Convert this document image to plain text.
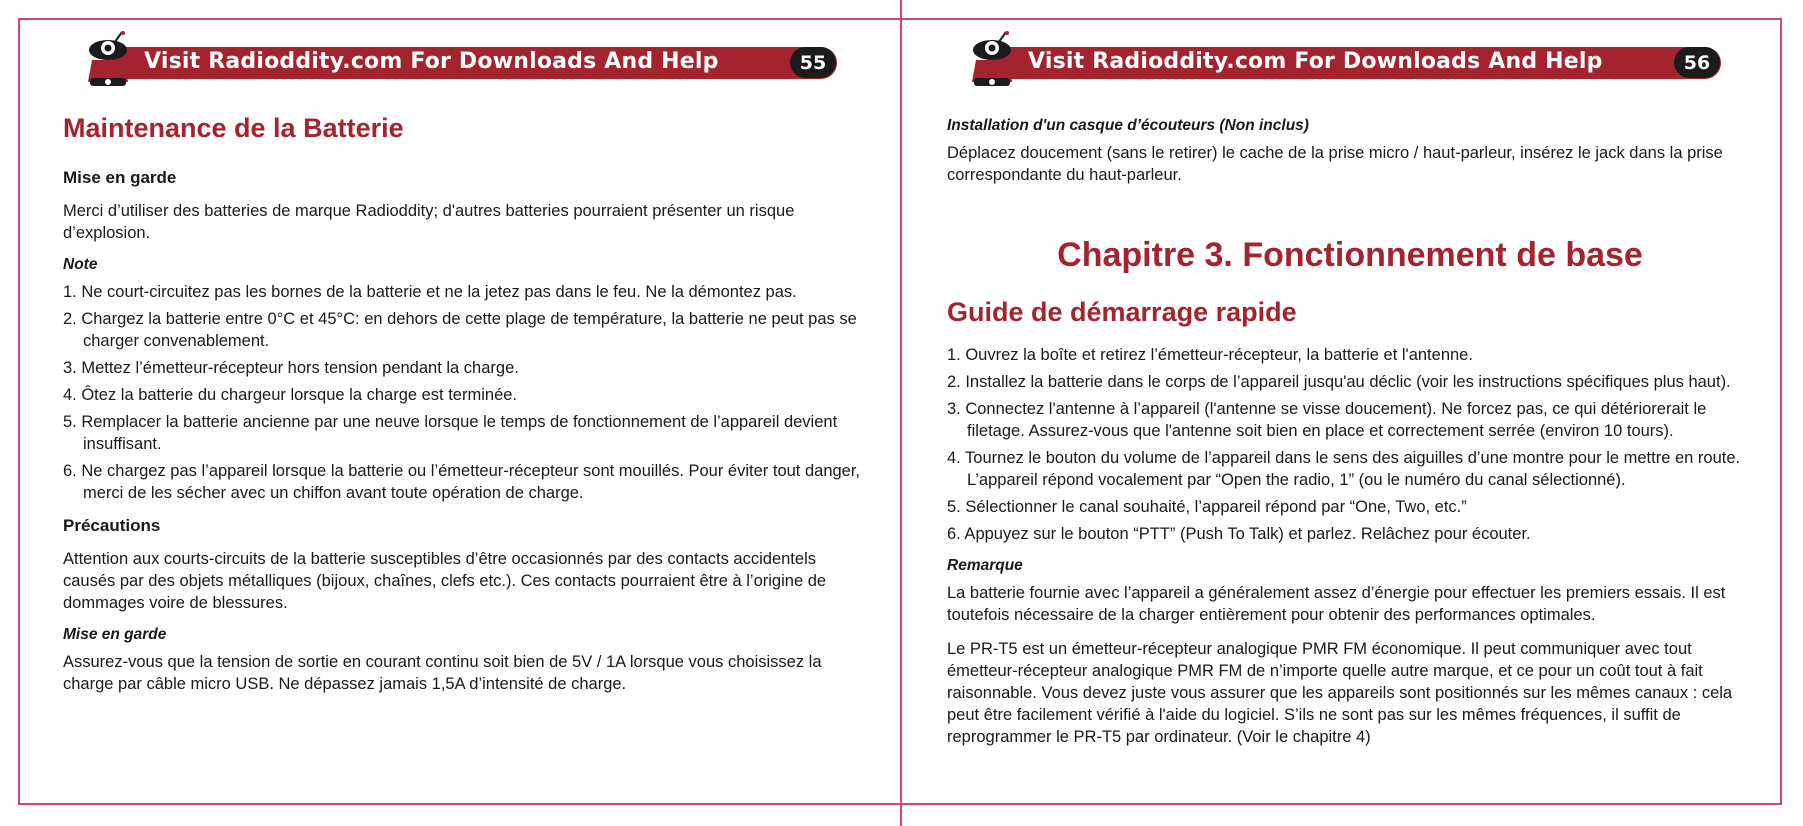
Visit Radioddity.com For Downloads And Help	55
Maintenance de la Batterie
Mise en garde

Merci d’utiliser des batteries de marque Radioddity; d'autres batteries pourraient présenter un risque d’explosion.

Note
1. Ne court-circuitez pas les bornes de la batterie et ne la jetez pas dans le feu. Ne la démontez pas.
2. Chargez la batterie entre 0°C et 45°C: en dehors de cette plage de température, la batterie ne peut pas se charger convenablement.
3. Mettez l’émetteur-récepteur hors tension pendant la charge.
4. Ôtez la batterie du chargeur lorsque la charge est terminée.
5. Remplacer la batterie ancienne par une neuve lorsque le temps de fonctionnement de l’appareil devient insuffisant.
6. Ne chargez pas l’appareil lorsque la batterie ou l’émetteur-récepteur sont mouillés. Pour éviter tout danger, merci de les sécher avec un chiffon avant toute opération de charge.
Précautions

Attention aux courts-circuits de la batterie susceptibles d’être occasionnés par des contacts accidentels causés par des objets métalliques (bijoux, chaînes, clefs etc.). Ces contacts pourraient être à l’origine de dommages voire de blessures.

Mise en garde

Assurez-vous que la tension de sortie en courant continu soit bien de 5V / 1A lorsque vous choisissez la charge par câble micro USB. Ne dépassez jamais 1,5A d’intensité de charge.

Visit Radioddity.com For Downloads And Help	56
Installation d'un casque d’écouteurs (Non inclus)

Déplacez doucement (sans le retirer) le cache de la prise micro / haut-parleur, insérez le jack dans la prise correspondante du haut-parleur.

Chapitre 3. Fonctionnement de base
Guide de démarrage rapide
1. Ouvrez la boîte et retirez l’émetteur-récepteur, la batterie et l'antenne.
2. Installez la batterie dans le corps de l’appareil jusqu'au déclic (voir les instructions spécifiques plus haut).
3. Connectez l'antenne à l’appareil (l'antenne se visse doucement). Ne forcez pas, ce qui détériorerait le filetage. Assurez-vous que l'antenne soit bien en place et correctement serrée (environ 10 tours).
4. Tournez le bouton du volume de l’appareil dans le sens des aiguilles d’une montre pour le mettre en route. L’appareil répond vocalement par “Open the radio, 1” (ou le numéro du canal sélectionné).
5. Sélectionner le canal souhaité, l’appareil répond par “One, Two, etc.”
6. Appuyez sur le bouton “PTT” (Push To Talk) et parlez. Relâchez pour écouter.
Remarque

La batterie fournie avec l’appareil a généralement assez d’énergie pour effectuer les premiers essais. Il est toutefois nécessaire de la charger entièrement pour obtenir des performances optimales.

Le PR-T5 est un émetteur-récepteur analogique PMR FM économique. Il peut communiquer avec tout émetteur-récepteur analogique PMR FM de n’importe quelle autre marque, et ce pour un coût tout à fait raisonnable. Vous devez juste vous assurer que les appareils sont positionnés sur les mêmes canaux : cela peut être facilement vérifié à l'aide du logiciel. S’ils ne sont pas sur les mêmes fréquences, il suffit de reprogrammer le PR-T5 par ordinateur. (Voir le chapitre 4)
